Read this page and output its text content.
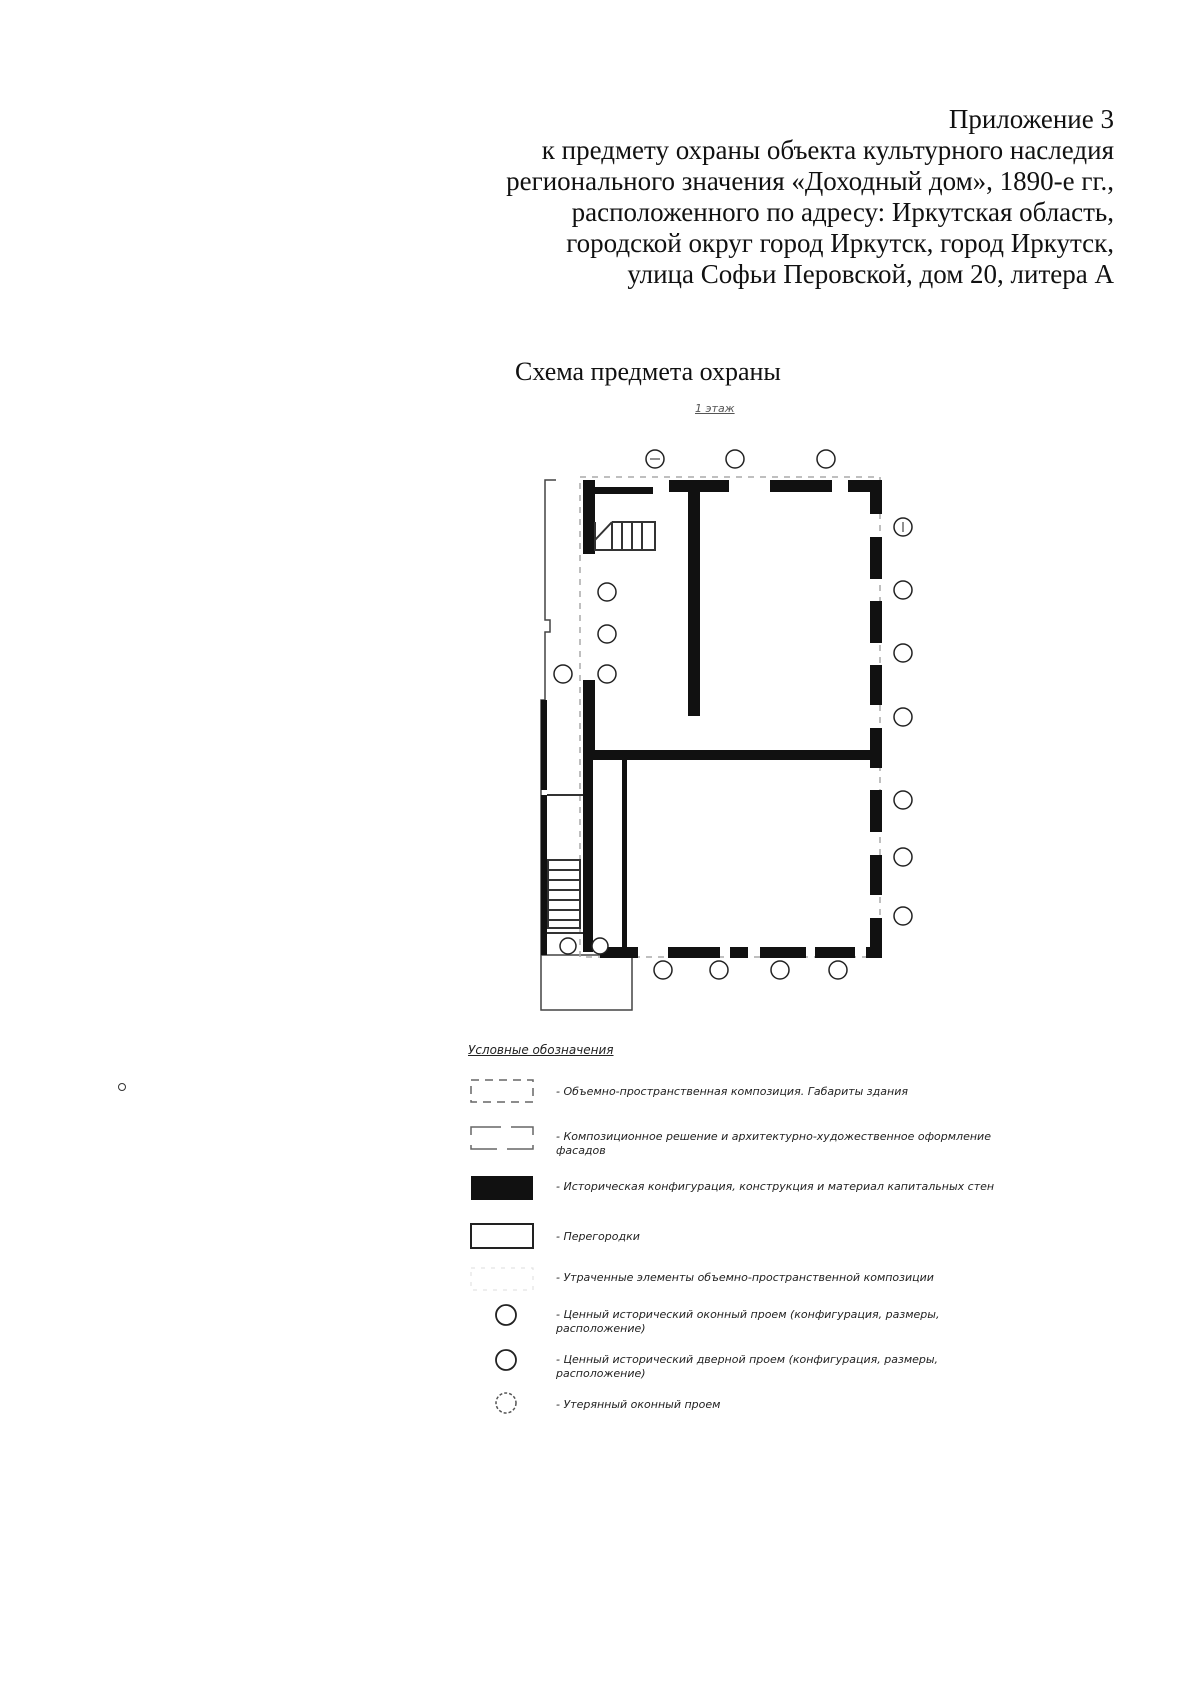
Приложение 3
к предмету охраны объекта культурного наследия
регионального значения «Доходный дом», 1890-е гг.,
расположенного по адресу: Иркутская область,
городской округ город Иркутск, город Иркутск,
улица Софьи Перовской, дом 20, литера А
Схема предмета охраны
1 этаж
Условные обозначения
- Объемно-пространственная композиция. Габариты здания
- Композиционное решение и архитектурно-художественное оформление фасадов
- Историческая конфигурация, конструкция и материал капитальных стен
- Перегородки
- Утраченные элементы объемно-пространственной композиции
- Ценный исторический оконный проем (конфигурация, размеры, расположение)
- Ценный исторический дверной проем (конфигурация, размеры, расположение)
- Утерянный оконный проем
